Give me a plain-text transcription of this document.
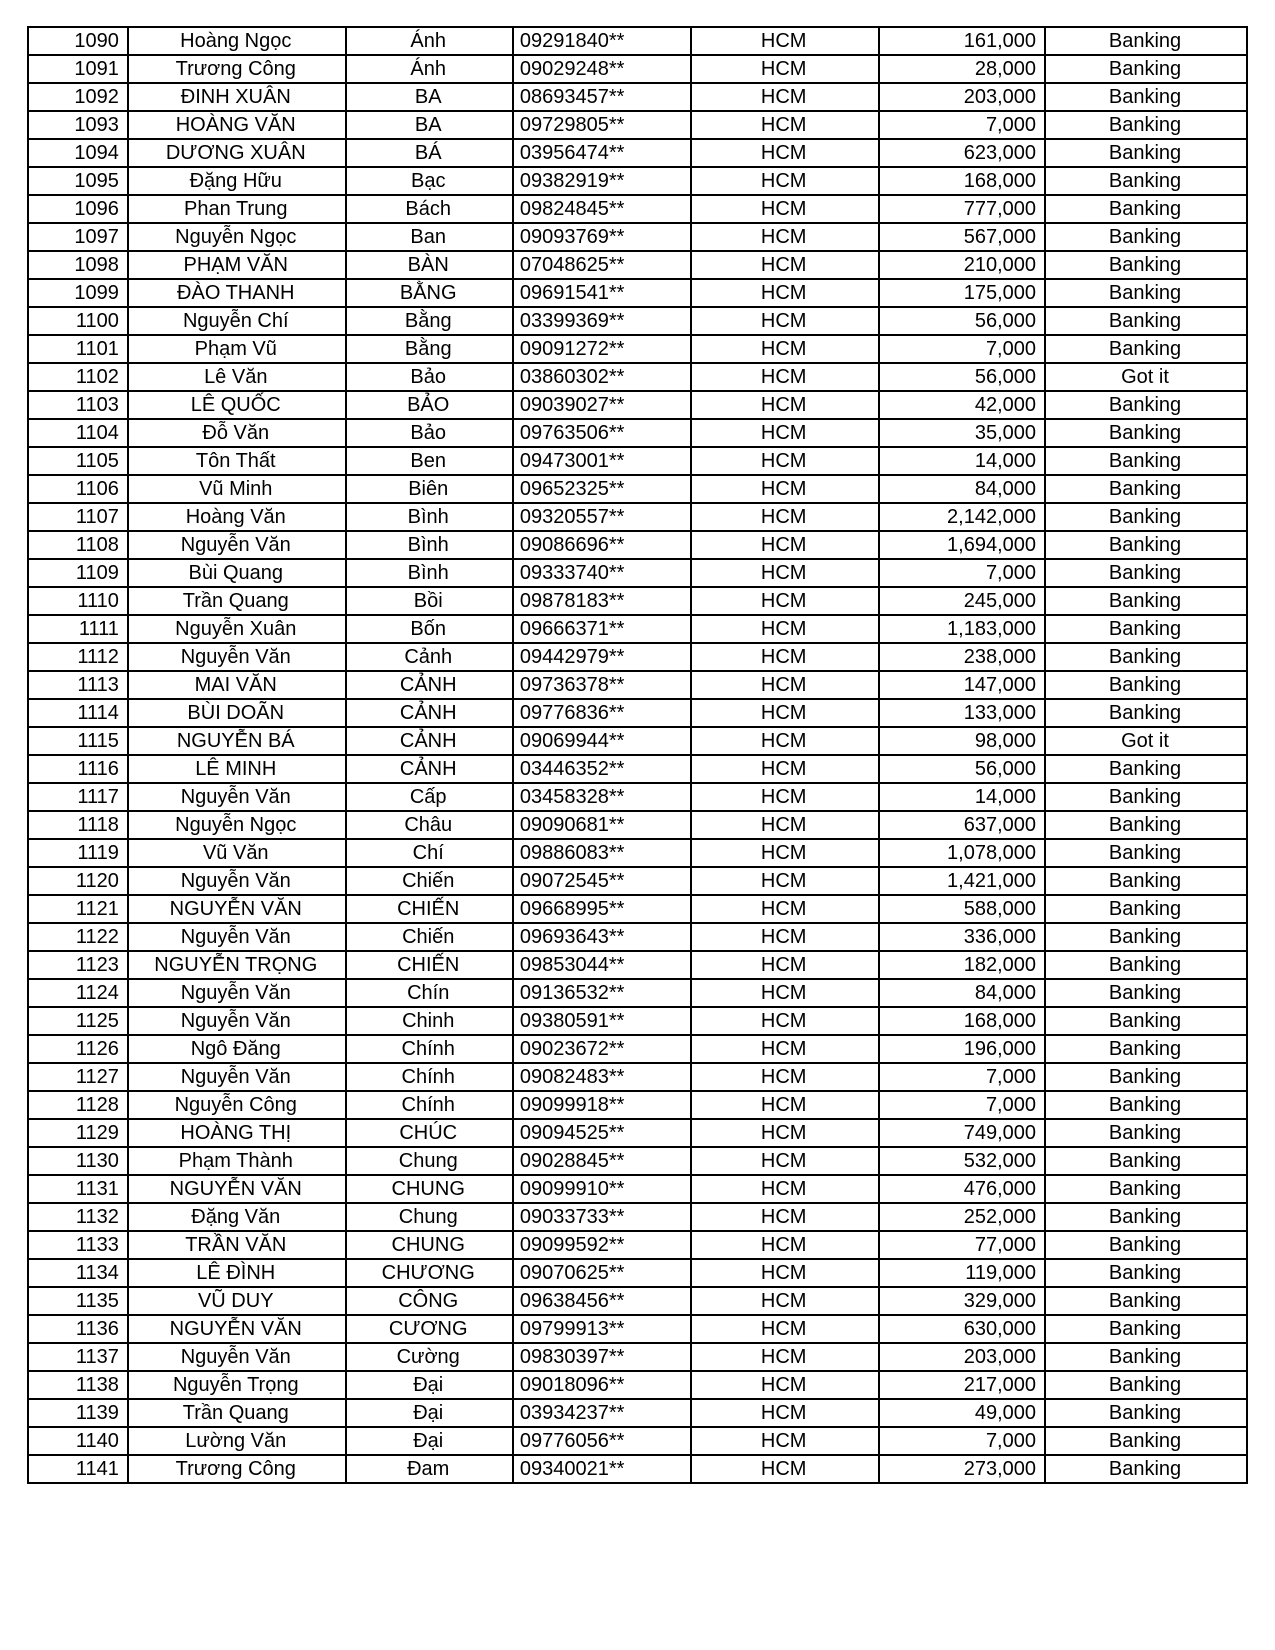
1090	Hoàng Ngọc	Ánh	09291840**	HCM	161,000	Banking
1091	Trương Công	Ánh	09029248**	HCM	28,000	Banking
1092	ĐINH XUÂN	BA	08693457**	HCM	203,000	Banking
1093	HOÀNG VĂN	BA	09729805**	HCM	7,000	Banking
1094	DƯƠNG XUÂN	BÁ	03956474**	HCM	623,000	Banking
1095	Đặng Hữu	Bạc	09382919**	HCM	168,000	Banking
1096	Phan Trung	Bách	09824845**	HCM	777,000	Banking
1097	Nguyễn Ngọc	Ban	09093769**	HCM	567,000	Banking
1098	PHẠM VĂN	BÀN	07048625**	HCM	210,000	Banking
1099	ĐÀO THANH	BẰNG	09691541**	HCM	175,000	Banking
1100	Nguyễn Chí	Bằng	03399369**	HCM	56,000	Banking
1101	Phạm Vũ	Bằng	09091272**	HCM	7,000	Banking
1102	Lê Văn	Bảo	03860302**	HCM	56,000	Got it
1103	LÊ QUỐC	BẢO	09039027**	HCM	42,000	Banking
1104	Đỗ Văn	Bảo	09763506**	HCM	35,000	Banking
1105	Tôn Thất	Ben	09473001**	HCM	14,000	Banking
1106	Vũ Minh	Biên	09652325**	HCM	84,000	Banking
1107	Hoàng Văn	Bình	09320557**	HCM	2,142,000	Banking
1108	Nguyễn Văn	Bình	09086696**	HCM	1,694,000	Banking
1109	Bùi Quang	Bình	09333740**	HCM	7,000	Banking
1110	Trần Quang	Bồi	09878183**	HCM	245,000	Banking
1111	Nguyễn Xuân	Bốn	09666371**	HCM	1,183,000	Banking
1112	Nguyễn Văn	Cảnh	09442979**	HCM	238,000	Banking
1113	MAI VĂN	CẢNH	09736378**	HCM	147,000	Banking
1114	BÙI DOÃN	CẢNH	09776836**	HCM	133,000	Banking
1115	NGUYỄN BÁ	CẢNH	09069944**	HCM	98,000	Got it
1116	LÊ MINH	CẢNH	03446352**	HCM	56,000	Banking
1117	Nguyễn Văn	Cấp	03458328**	HCM	14,000	Banking
1118	Nguyễn Ngọc	Châu	09090681**	HCM	637,000	Banking
1119	Vũ Văn	Chí	09886083**	HCM	1,078,000	Banking
1120	Nguyễn Văn	Chiến	09072545**	HCM	1,421,000	Banking
1121	NGUYỄN VĂN	CHIẾN	09668995**	HCM	588,000	Banking
1122	Nguyễn Văn	Chiến	09693643**	HCM	336,000	Banking
1123	NGUYỄN TRỌNG	CHIẾN	09853044**	HCM	182,000	Banking
1124	Nguyễn Văn	Chín	09136532**	HCM	84,000	Banking
1125	Nguyễn Văn	Chinh	09380591**	HCM	168,000	Banking
1126	Ngô Đăng	Chính	09023672**	HCM	196,000	Banking
1127	Nguyễn Văn	Chính	09082483**	HCM	7,000	Banking
1128	Nguyễn Công	Chính	09099918**	HCM	7,000	Banking
1129	HOÀNG THỊ	CHÚC	09094525**	HCM	749,000	Banking
1130	Phạm Thành	Chung	09028845**	HCM	532,000	Banking
1131	NGUYỄN VĂN	CHUNG	09099910**	HCM	476,000	Banking
1132	Đặng Văn	Chung	09033733**	HCM	252,000	Banking
1133	TRẦN VĂN	CHUNG	09099592**	HCM	77,000	Banking
1134	LÊ ĐÌNH	CHƯƠNG	09070625**	HCM	119,000	Banking
1135	VŨ DUY	CÔNG	09638456**	HCM	329,000	Banking
1136	NGUYỄN VĂN	CƯƠNG	09799913**	HCM	630,000	Banking
1137	Nguyễn Văn	Cường	09830397**	HCM	203,000	Banking
1138	Nguyễn Trọng	Đại	09018096**	HCM	217,000	Banking
1139	Trần Quang	Đại	03934237**	HCM	49,000	Banking
1140	Lường Văn	Đại	09776056**	HCM	7,000	Banking
1141	Trương Công	Đam	09340021**	HCM	273,000	Banking
